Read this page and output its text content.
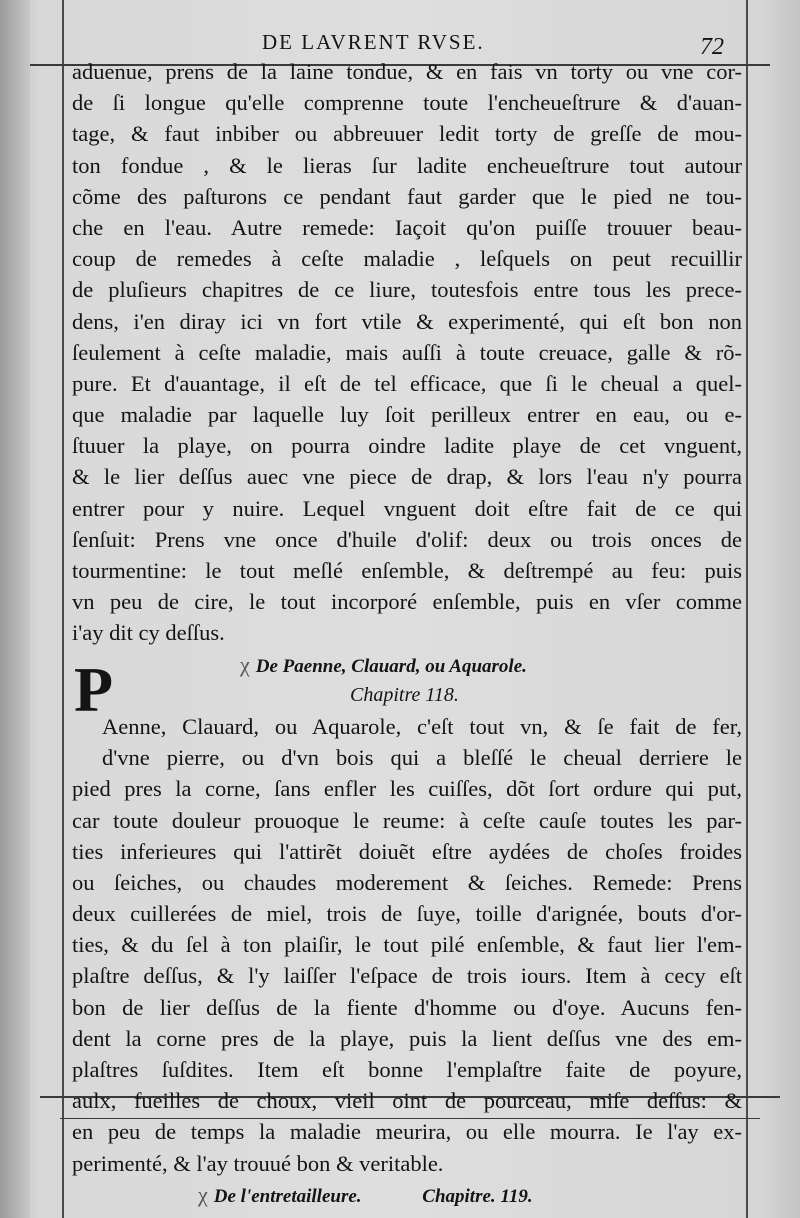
DE LAVRENT RVSE.	72
aduenue, prens de la laine tondue, & en fais vn torty ou vne cor-
de ſi longue qu'elle comprenne toute l'encheueſtrure & d'auan-
tage, & faut inbiber ou abbreuuer ledit torty de greſſe de mou-
ton fondue , & le lieras ſur ladite encheueſtrure tout autour
cõme des paſturons ce pendant faut garder que le pied ne tou-
che en l'eau. Autre remede: Iaçoit qu'on puiſſe trouuer beau-
coup de remedes à ceſte maladie , leſquels on peut recuillir
de pluſieurs chapitres de ce liure, toutesfois entre tous les prece-
dens, i'en diray ici vn fort vtile & experimenté, qui eſt bon non
ſeulement à ceſte maladie, mais auſſi à toute creuace, galle & rõ-
pure. Et d'auantage, il eſt de tel efficace, que ſi le cheual a quel-
que maladie par laquelle luy ſoit perilleux entrer en eau, ou e-
ſtuuer la playe, on pourra oindre ladite playe de cet vnguent,
& le lier deſſus auec vne piece de drap, & lors l'eau n'y pourra
entrer pour y nuire. Lequel vnguent doit eſtre fait de ce qui
ſenſuit: Prens vne once d'huile d'olif: deux ou trois onces de
tourmentine: le tout meſlé enſemble, & deſtrempé au feu: puis
vn peu de cire, le tout incorporé enſemble, puis en vſer comme
i'ay dit cy deſſus.
χ De Paenne, Clauard, ou Aquarole.
Chapitre 118.
Aenne, Clauard, ou Aquarole, c'eſt tout vn, & ſe fait de fer,
d'vne pierre, ou d'vn bois qui a bleſſé le cheual derriere le
pied pres la corne, ſans enfler les cuiſſes, dõt ſort ordure qui put,
car toute douleur prouoque le reume: à ceſte cauſe toutes les par-
ties inferieures qui l'attirẽt doiuẽt eſtre aydées de choſes froides
ou ſeiches, ou chaudes moderement & ſeiches. Remede: Prens
deux cuillerées de miel, trois de ſuye, toille d'arignée, bouts d'or-
ties, & du ſel à ton plaiſir, le tout pilé enſemble, & faut lier l'em-
plaſtre deſſus, & l'y laiſſer l'eſpace de trois iours. Item à cecy eſt
bon de lier deſſus de la fiente d'homme ou d'oye. Aucuns fen-
dent la corne pres de la playe, puis la lient deſſus vne des em-
plaſtres ſuſdites. Item eſt bonne l'emplaſtre faite de poyure,
aulx, fueilles de choux, vieil oint de pourceau, miſe deſſus: &
en peu de temps la maladie meurira, ou elle mourra. Ie l'ay ex-
perimenté, & l'ay trouué bon & veritable.
χ De l'entretailleure.	Chapitre. 119.
P
